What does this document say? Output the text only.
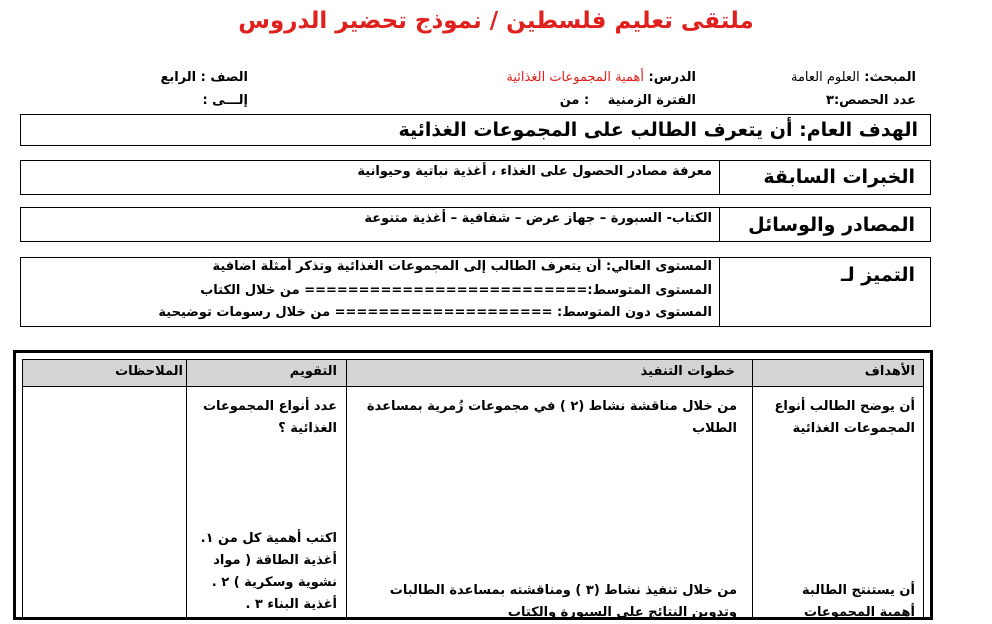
ملتقى تعليم فلسطين / نموذج تحضير الدروس
المبحث: العلوم العامة
الدرس: أهمية المجموعات الغذائية
الصف : الرابع
عدد الحصص:٣
الفترة الزمنية : من
إلـــى :
الهدف العام: أن يتعرف الطالب على المجموعات الغذائية
الخبرات السابقة
معرفة مصادر الحصول على الغذاء ، أغذية نباتية وحيوانية
المصادر والوسائل
الكتاب- السبورة – جهاز عرض – شفافية – أغذية متنوعة
التميز لـ
المستوى العالي: أن يتعرف الطالب إلى المجموعات الغذائية وتذكر أمثلة اضافية
المستوى المتوسط:========================== من خلال الكتاب
المستوى دون المتوسط: ==================== من خلال رسومات توضيحية
الأهداف
خطوات التنفيذ
التقويم
الملاحظات
أن يوضح الطالب أنواع المجموعات الغذائية
من خلال مناقشة نشاط (٢ ) في مجموعات زُمرية بمساعدة الطلاب
عدد أنواع المجموعات الغذائية ؟
أن يستنتج الطالبة أهمية المجموعات
من خلال تنفيذ نشاط (٣ ) ومناقشته بمساعدة الطالبات وتدوين النتائج على السبورة والكتاب
اكتب أهمية كل من ١. أغذية الطاقة ( مواد نشوية وسكرية ) ٢ . أغذية البناء ٣ .
